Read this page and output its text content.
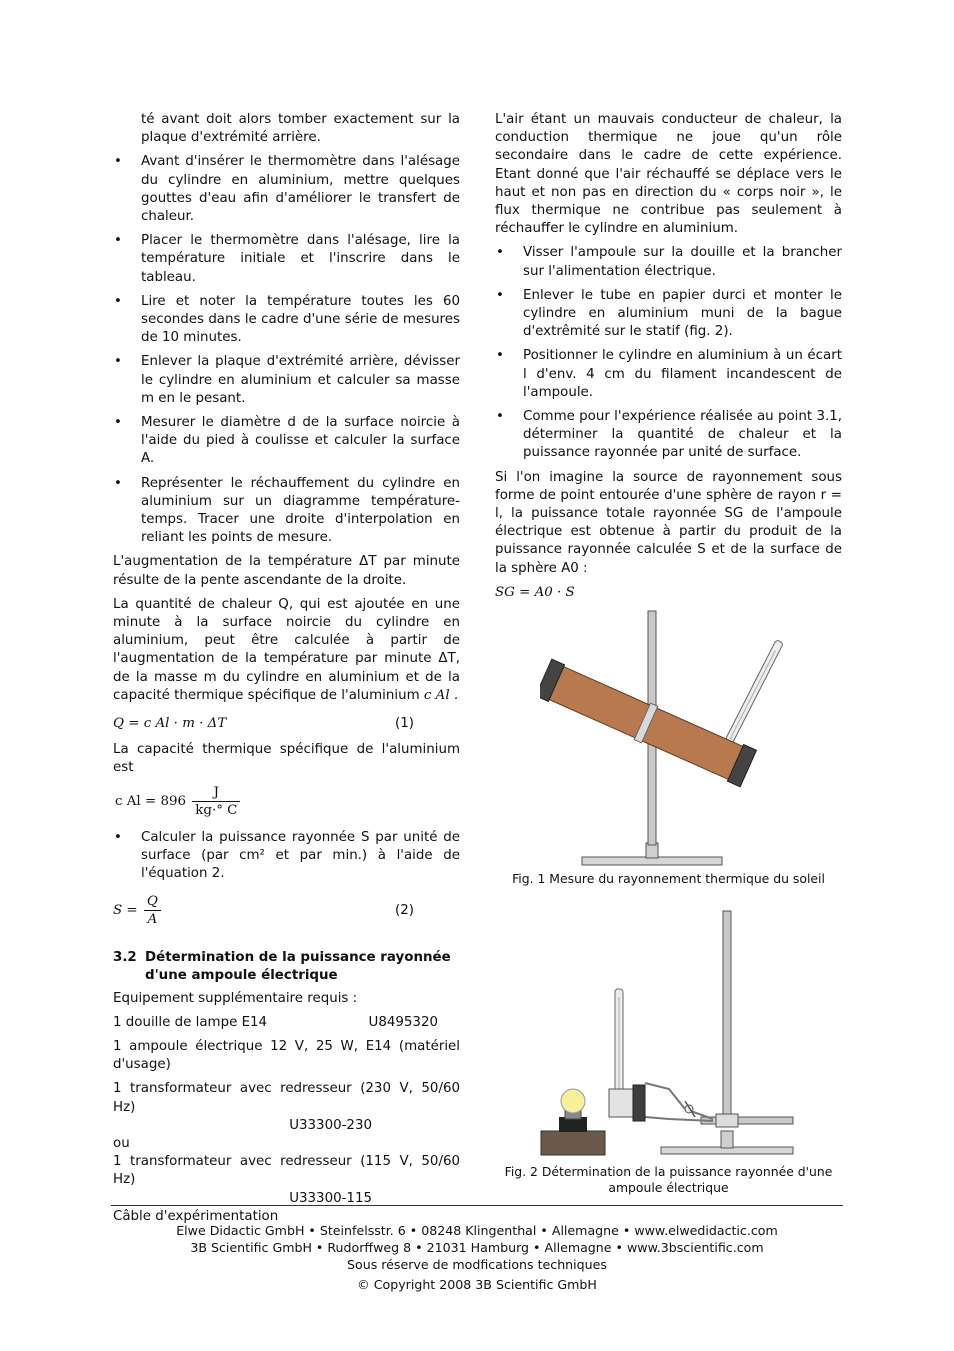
té avant doit alors tomber exactement sur la plaque d'extrémité arrière.

• Avant d'insérer le thermomètre dans l'alésage du cylindre en aluminium, mettre quelques gouttes d'eau afin d'améliorer le transfert de chaleur.
• Placer le thermomètre dans l'alésage, lire la température initiale et l'inscrire dans le tableau.
• Lire et noter la température toutes les 60 secondes dans le cadre d'une série de mesures de 10 minutes.
• Enlever la plaque d'extrémité arrière, dévisser le cylindre en aluminium et calculer sa masse m en le pesant.
• Mesurer le diamètre d de la surface noircie à l'aide du pied à coulisse et calculer la surface A.
• Représenter le réchauffement du cylindre en aluminium sur un diagramme température-temps. Tracer une droite d'interpolation en reliant les points de mesure.

L'augmentation de la température ΔT par minute résulte de la pente ascendante de la droite.

La quantité de chaleur Q, qui est ajoutée en une minute à la surface noircie du cylindre en aluminium, peut être calculée à partir de l'augmentation de la température par minute ΔT, de la masse m du cylindre en aluminium et de la capacité thermique spécifique de l'aluminium c Al .

Q = c Al · m · ΔT	(1)

La capacité thermique spécifique de l'aluminium est

c $Al = 896 \frac{J}{kg\cdot^\circ C}$
• Calculer la puissance rayonnée S par unité de surface (par cm² et par min.) à l'aide de l'équation 2.
$S = \frac{Q}{A}$	(2)
3.2 Détermination de la puissance rayonnée d'une ampoule électrique

Equipement supplémentaire requis :

1 douille de lampe E14	U8495320

1 ampoule électrique 12 V, 25 W, E14 (matériel d'usage)

1 transformateur avec redresseur (230 V, 50/60 Hz)

U33300-230
ou

1 transformateur avec redresseur (115 V, 50/60 Hz)

U33300-115

Câble d'expérimentation

L'air étant un mauvais conducteur de chaleur, la conduction thermique ne joue qu'un rôle secondaire dans le cadre de cette expérience. Etant donné que l'air réchauffé se déplace vers le haut et non pas en direction du « corps noir », le flux thermique ne contribue pas seulement à réchauffer le cylindre en aluminium.

• Visser l'ampoule sur la douille et la brancher sur l'alimentation électrique.
• Enlever le tube en papier durci et monter le cylindre en aluminium muni de la bague d'extrêmité sur le statif (fig. 2).
• Positionner le cylindre en aluminium à un écart l d'env. 4 cm du filament incandescent de l'ampoule.
• Comme pour l'expérience réalisée au point 3.1, déterminer la quantité de chaleur et la puissance rayonnée par unité de surface.

Si l'on imagine la source de rayonnement sous forme de point entourée d'une sphère de rayon r = l, la puissance totale rayonnée SG de l'ampoule électrique est obtenue à partir du produit de la puissance rayonnée calculée S et de la surface de la sphère A0 :

SG = A0 · S
Fig. 1 Mesure du rayonnement thermique du soleil
Fig. 2 Détermination de la puissance rayonnée d'une ampoule électrique
Elwe Didactic GmbH • Steinfelsstr. 6 • 08248 Klingenthal • Allemagne • www.elwedidactic.com
3B Scientific GmbH • Rudorffweg 8 • 21031 Hamburg • Allemagne • www.3bscientific.com
Sous réserve de modfications techniques
© Copyright 2008 3B Scientific GmbH
